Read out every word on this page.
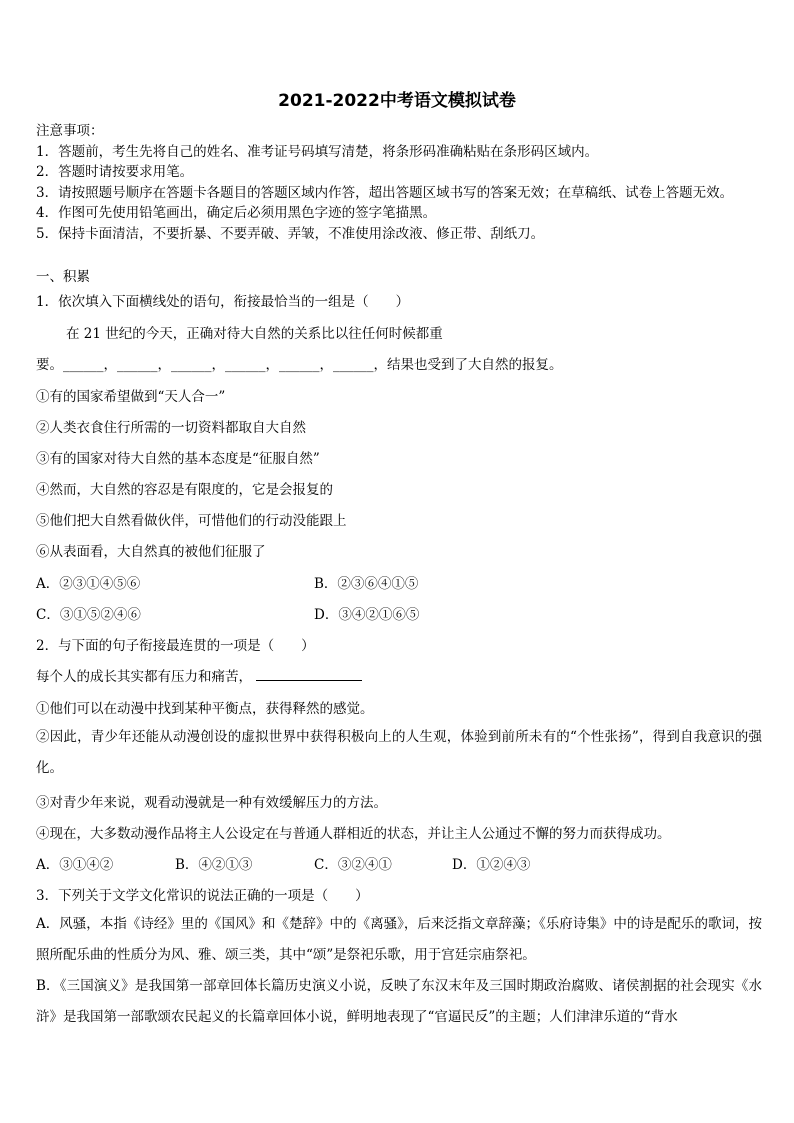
2021-2022中考语文模拟试卷
注意事项：
1．答题前，考生先将自己的姓名、准考证号码填写清楚，将条形码准确粘贴在条形码区域内。
2．答题时请按要求用笔。
3．请按照题号顺序在答题卡各题目的答题区域内作答，超出答题区域书写的答案无效；在草稿纸、试卷上答题无效。
4．作图可先使用铅笔画出，确定后必须用黑色字迹的签字笔描黑。
5．保持卡面清洁，不要折暴、不要弄破、弄皱，不准使用涂改液、修正带、刮纸刀。
一、积累
1．依次填入下面横线处的语句，衔接最恰当的一组是（　　）
在 21 世纪的今天，正确对待大自然的关系比以往任何时候都重
要。______，______，______，______，______，______，结果也受到了大自然的报复。
①有的国家希望做到“天人合一”
②人类衣食住行所需的一切资料都取自大自然
③有的国家对待大自然的基本态度是“征服自然”
④然而，大自然的容忍是有限度的，它是会报复的
⑤他们把大自然看做伙伴，可惜他们的行动没能跟上
⑥从表面看，大自然真的被他们征服了
A．②③①④⑤⑥	B．②③⑥④①⑤
C．③①⑤②④⑥	D．③④②①⑥⑤
2．与下面的句子衔接最连贯的一项是（　　）
每个人的成长其实都有压力和痛苦，
①他们可以在动漫中找到某种平衡点，获得释然的感觉。
②因此，青少年还能从动漫创设的虚拟世界中获得积极向上的人生观，体验到前所未有的“个性张扬”，得到自我意识的强化。
③对青少年来说，观看动漫就是一种有效缓解压力的方法。
④现在，大多数动漫作品将主人公设定在与普通人群相近的状态，并让主人公通过不懈的努力而获得成功。
A．③①④②	B．④②①③	C．③②④①	D．①②④③
3．下列关于文学文化常识的说法正确的一项是（　　）
A．风骚，本指《诗经》里的《国风》和《楚辞》中的《离骚》，后来泛指文章辞藻；《乐府诗集》中的诗是配乐的歌词，按照所配乐曲的性质分为风、雅、颂三类，其中“颂”是祭祀乐歌，用于宫廷宗庙祭祀。
B．《三国演义》是我国第一部章回体长篇历史演义小说，反映了东汉末年及三国时期政治腐败、诸侯割据的社会现实《水浒》是我国第一部歌颂农民起义的长篇章回体小说，鲜明地表现了“官逼民反”的主题；人们津津乐道的“背水
